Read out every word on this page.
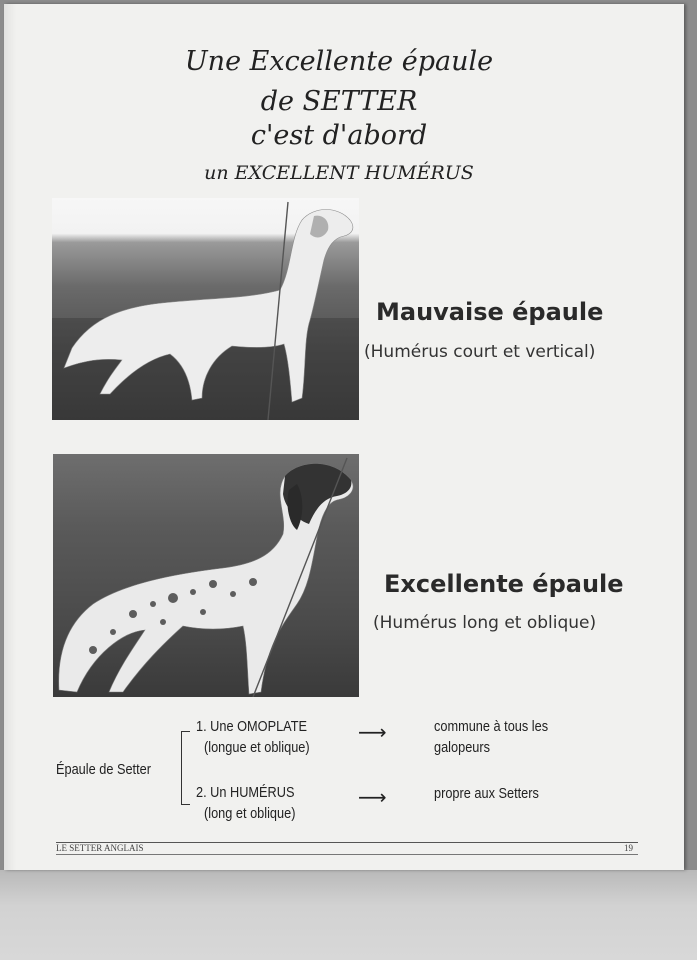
Une Excellente épaule
de SETTER
c'est d'abord
un EXCELLENT HUMÉRUS
Mauvaise épaule
(Humérus court et vertical)
Excellente épaule
(Humérus long et oblique)
Épaule de Setter
1. Une OMOPLATE
(longue et oblique)
⟶	commune à tous les
galopeurs
2. Un HUMÉRUS
(long et oblique)
⟶	propre aux Setters
LE SETTER ANGLAIS	19
